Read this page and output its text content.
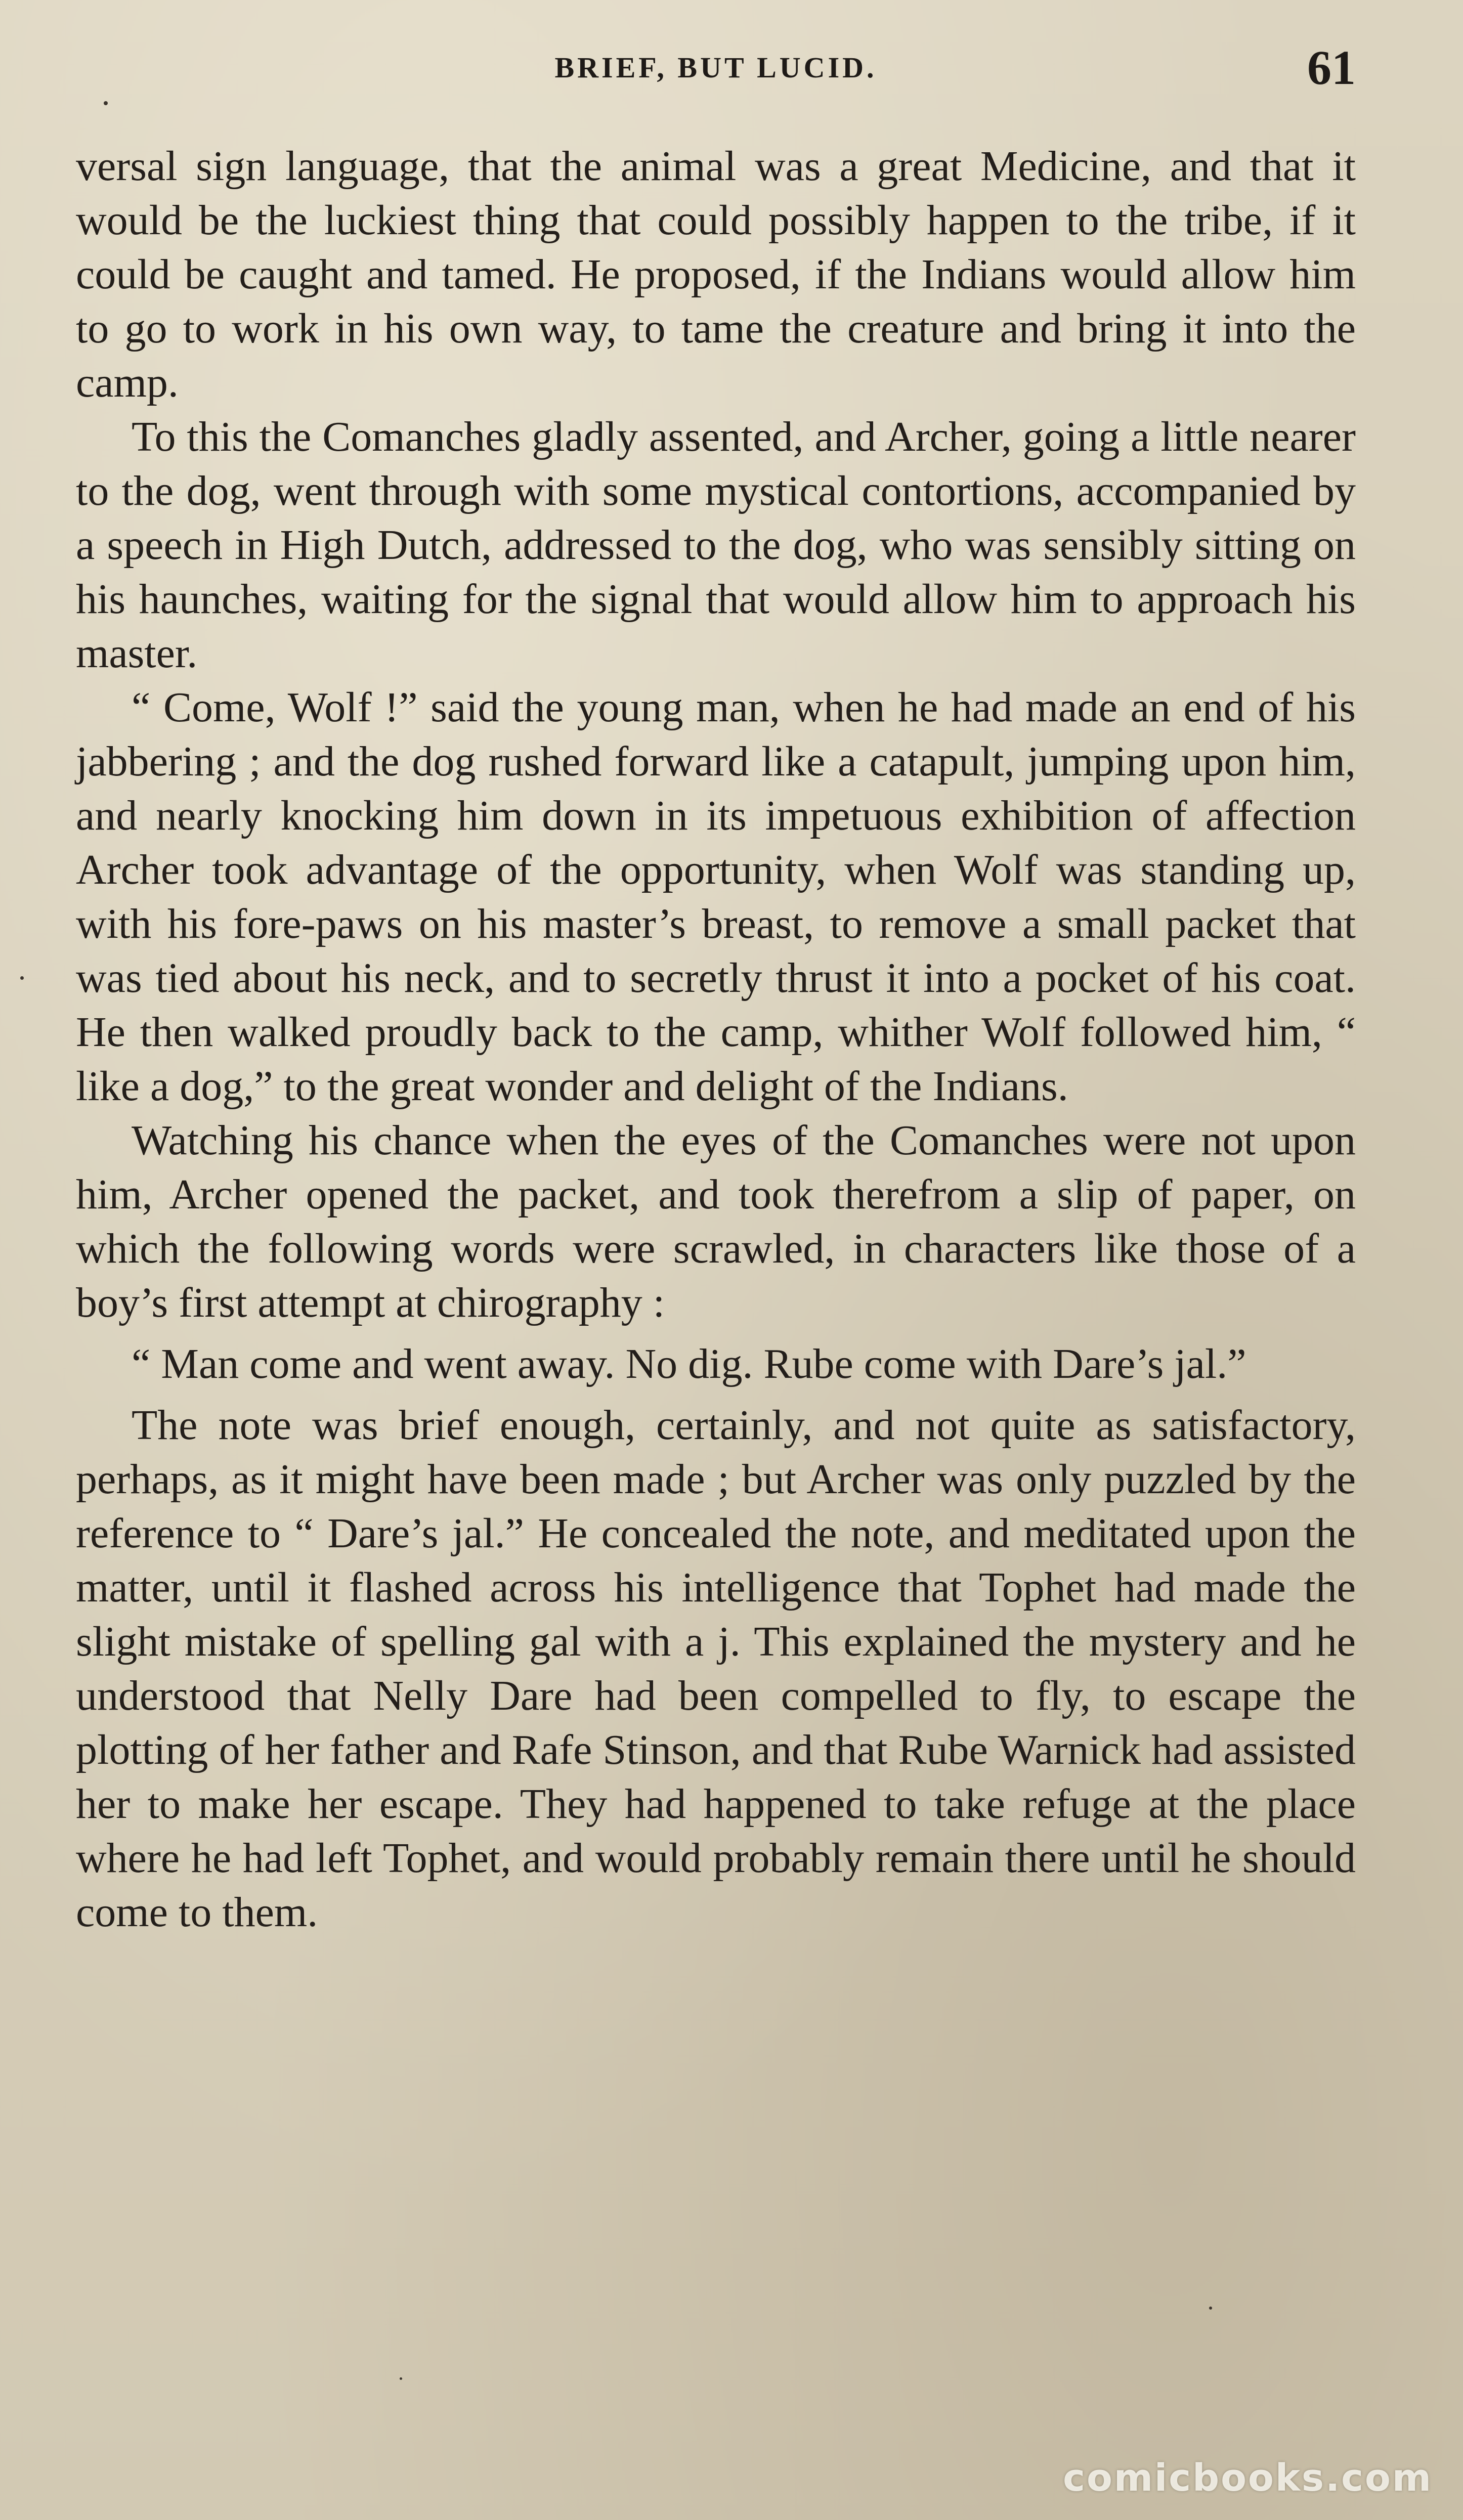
BRIEF, BUT LUCID.	61

versal sign language, that the animal was a great Medicine, and that it would be the luckiest thing that could possibly happen to the tribe, if it could be caught and tamed. He proposed, if the Indians would allow him to go to work in his own way, to tame the creature and bring it into the camp.

To this the Comanches gladly assented, and Archer, going a little nearer to the dog, went through with some mystical contortions, accompanied by a speech in High Dutch, addressed to the dog, who was sensibly sitting on his haunches, waiting for the signal that would allow him to approach his master.

“ Come, Wolf !” said the young man, when he had made an end of his jabbering ; and the dog rushed forward like a catapult, jumping upon him, and nearly knocking him down in its impetuous exhibition of affection Archer took advantage of the opportunity, when Wolf was standing up, with his fore-paws on his master’s breast, to remove a small packet that was tied about his neck, and to secretly thrust it into a pocket of his coat. He then walked proudly back to the camp, whither Wolf followed him, “ like a dog,” to the great wonder and delight of the Indians.

Watching his chance when the eyes of the Comanches were not upon him, Archer opened the packet, and took therefrom a slip of paper, on which the following words were scrawled, in characters like those of a boy’s first attempt at chirography :

“ Man come and went away. No dig. Rube come with Dare’s jal.”

The note was brief enough, certainly, and not quite as satisfactory, perhaps, as it might have been made ; but Archer was only puzzled by the reference to “ Dare’s jal.” He concealed the note, and meditated upon the matter, until it flashed across his intelligence that Tophet had made the slight mistake of spelling gal with a j. This explained the mystery and he understood that Nelly Dare had been compelled to fly, to escape the plotting of her father and Rafe Stinson, and that Rube Warnick had assisted her to make her escape. They had happened to take refuge at the place where he had left Tophet, and would probably remain there until he should come to them.

comicbooks.com
